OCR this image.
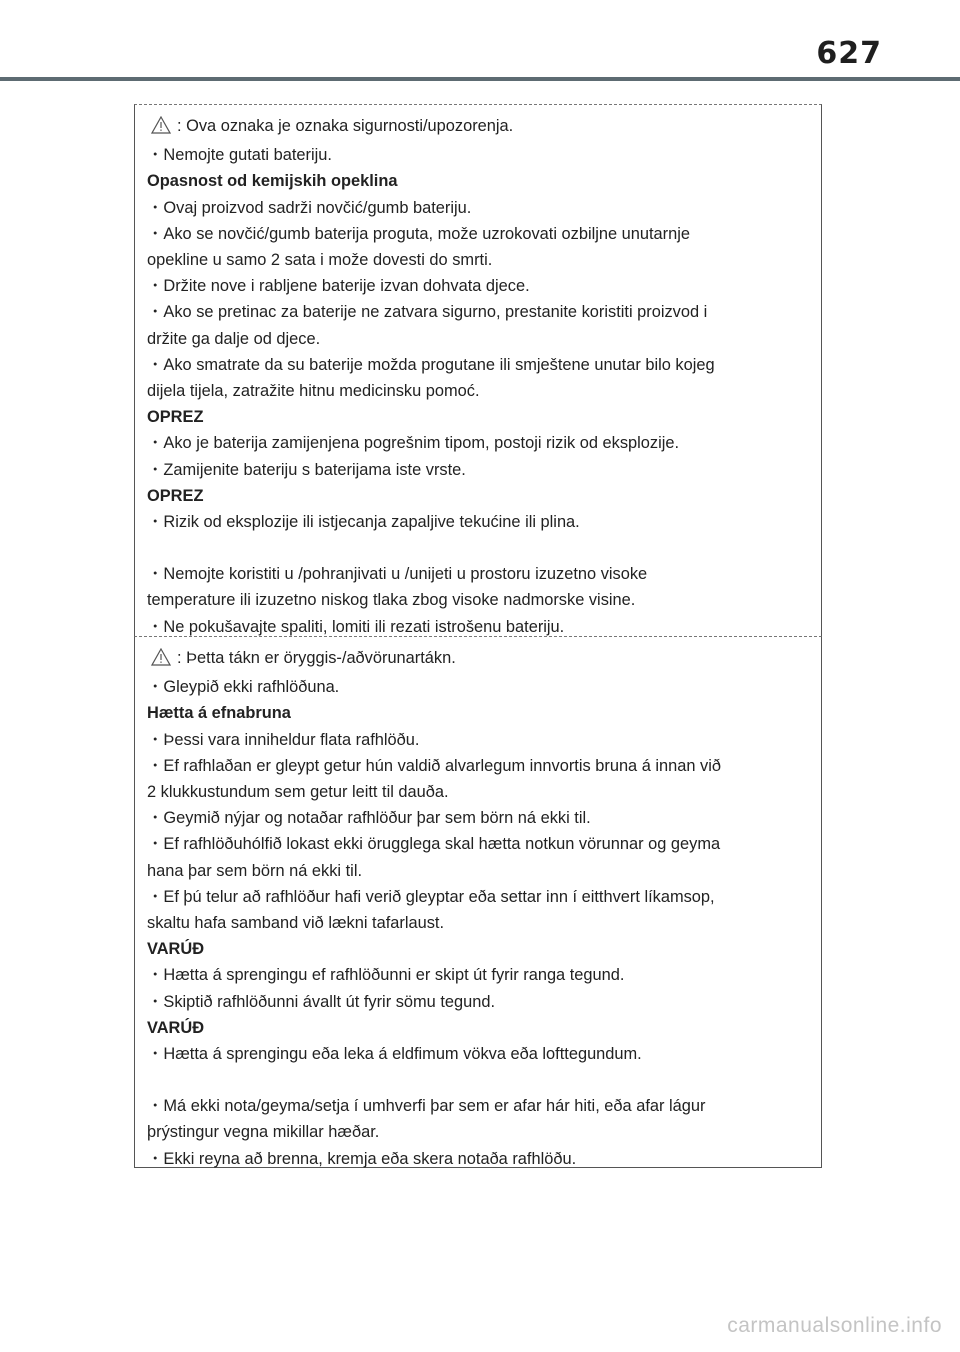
627

: Ova oznaka je oznaka sigurnosti/upozorenja.

・Nemojte gutati bateriju.

Opasnost od kemijskih opeklina

・Ovaj proizvod sadrži novčić/gumb bateriju.

・Ako se novčić/gumb baterija proguta, može uzrokovati ozbiljne unutarnje

opekline u samo 2 sata i može dovesti do smrti.

・Držite nove i rabljene baterije izvan dohvata djece.

・Ako se pretinac za baterije ne zatvara sigurno, prestanite koristiti proizvod i

držite ga dalje od djece.

・Ako smatrate da su baterije možda progutane ili smještene unutar bilo kojeg

dijela tijela, zatražite hitnu medicinsku pomoć.

OPREZ

・Ako je baterija zamijenjena pogrešnim tipom, postoji rizik od eksplozije.

・Zamijenite bateriju s baterijama iste vrste.

OPREZ

・Rizik od eksplozije ili istjecanja zapaljive tekućine ili plina.

・Nemojte koristiti u /pohranjivati u /unijeti u prostoru izuzetno visoke

temperature ili izuzetno niskog tlaka zbog visoke nadmorske visine.

・Ne pokušavajte spaliti, lomiti ili rezati istrošenu bateriju.

: Þetta tákn er öryggis-/aðvörunartákn.

・Gleypið ekki rafhlöðuna.

Hætta á efnabruna

・Þessi vara inniheldur flata rafhlöðu.

・Ef rafhlaðan er gleypt getur hún valdið alvarlegum innvortis bruna á innan við

2 klukkustundum sem getur leitt til dauða.

・Geymið nýjar og notaðar rafhlöður þar sem börn ná ekki til.

・Ef rafhlöðuhólfið lokast ekki örugglega skal hætta notkun vörunnar og geyma

hana þar sem börn ná ekki til.

・Ef þú telur að rafhlöður hafi verið gleyptar eða settar inn í eitthvert líkamsop,

skaltu hafa samband við lækni tafarlaust.

VARÚÐ

・Hætta á sprengingu ef rafhlöðunni er skipt út fyrir ranga tegund.

・Skiptið rafhlöðunni ávallt út fyrir sömu tegund.

VARÚÐ

・Hætta á sprengingu eða leka á eldfimum vökva eða lofttegundum.

・Má ekki nota/geyma/setja í umhverfi þar sem er afar hár hiti, eða afar lágur

þrýstingur vegna mikillar hæðar.

・Ekki reyna að brenna, kremja eða skera notaða rafhlöðu.

carmanualsonline.info
